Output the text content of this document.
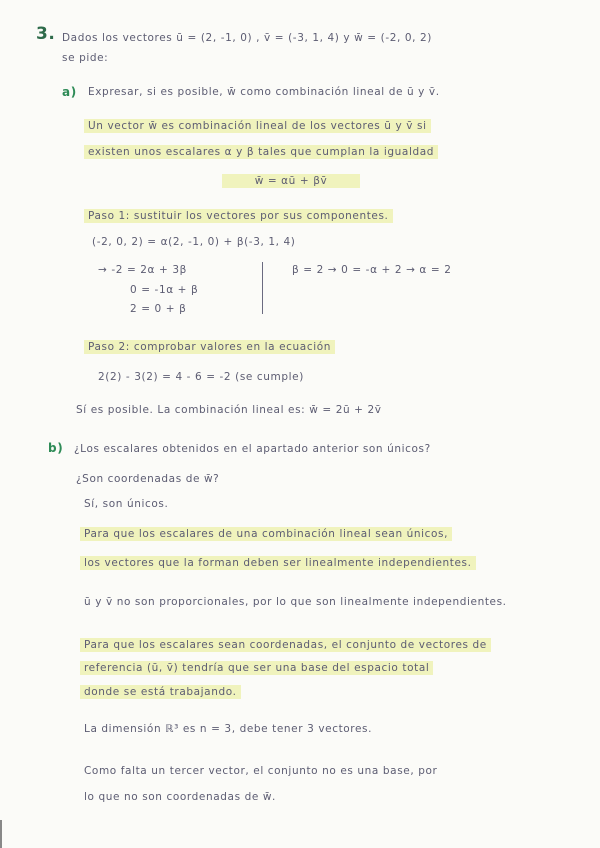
3. Dados los vectores ū = (2, -1, 0) , v̄ = (-3, 1, 4) y w̄ = (-2, 0, 2)
se pide:
a) Expresar, si es posible, w̄ como combinación lineal de ū y v̄.
Un vector w̄ es combinación lineal de los vectores ū y v̄ si
existen unos escalares α y β tales que cumplan la igualdad
w̄ = αū + βv̄
Paso 1: sustituir los vectores por sus componentes.
(-2, 0, 2) = α(2, -1, 0) + β(-3, 1, 4)
→ -2 = 2α + 3β
0 = -1α + β
2 = 0 + β
β = 2 → 0 = -α + 2 → α = 2
Paso 2: comprobar valores en la ecuación
2(2) - 3(2) = 4 - 6 = -2 (se cumple)
Sí es posible. La combinación lineal es: w̄ = 2ū + 2v̄
b) ¿Los escalares obtenidos en el apartado anterior son únicos?
¿Son coordenadas de w̄?
Sí, son únicos.
Para que los escalares de una combinación lineal sean únicos,
los vectores que la forman deben ser linealmente independientes.
ū y v̄ no son proporcionales, por lo que son linealmente independientes.
Para que los escalares sean coordenadas, el conjunto de vectores de
referencia (ū, v̄) tendría que ser una base del espacio total
donde se está trabajando.
La dimensión ℝ³ es n = 3, debe tener 3 vectores.
Como falta un tercer vector, el conjunto no es una base, por
lo que no son coordenadas de w̄.
